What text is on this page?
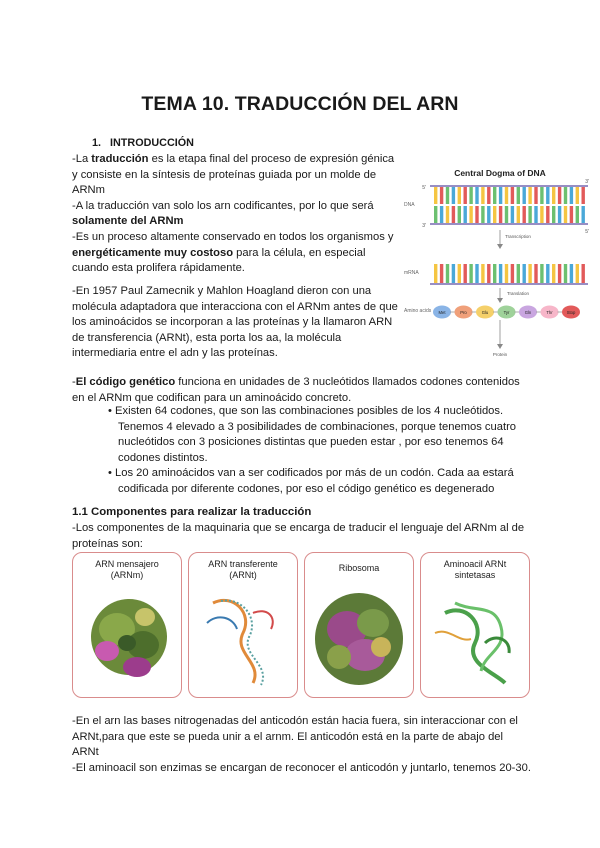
TEMA 10. TRADUCCIÓN DEL ARN
1. INTRODUCCIÓN
-La traducción es la etapa final del proceso de expresión génica
y consiste en la síntesis de proteínas guiada por un molde de
ARNm
-A la traducción van solo los arn codificantes, por lo que será
solamente del ARNm
-Es un proceso altamente conservado en todos los organismos y
energéticamente muy costoso para la célula, en especial
cuando esta prolifera rápidamente.
-En 1957 Paul Zamecnik y Mahlon Hoagland dieron con una
molécula adaptadora que interacciona con el ARNm antes de que
los aminoácidos se incorporan a las proteínas y la llamaron ARN
de transferencia (ARNt), esta porta los aa, la molécula
intermediaria entre el adn y las proteínas.
Central Dogma of DNA
DNA
mRNA
Amino acids
5'
3'
3'
5'
Transcription
Translation
Met	Pro	Glu	Tyr	Gln	Thr	Stop
Protein
-El código genético funciona en unidades de 3 nucleótidos llamados codones contenidos
en el ARNm que codifican para un aminoácido concreto.
• Existen 64 codones, que son las combinaciones posibles de los 4 nucleótidos.
Tenemos 4 elevado a 3 posibilidades de combinaciones, porque tenemos cuatro
nucleótidos con 3 posiciones distintas que pueden estar , por eso tenemos 64
codones distintos.
• Los 20 aminoácidos van a ser codificados por más de un codón. Cada aa estará
codificada por diferente codones, por eso el código genético es degenerado
1.1 Componentes para realizar la traducción
-Los componentes de la maquinaria que se encarga de traducir el lenguaje del ARNm al de
proteínas son:
ARN mensajero
(ARNm)
ARN transferente
(ARNt)
Ribosoma	Aminoacil ARNt
sintetasas
-En el arn las bases nitrogenadas del anticodón están hacia fuera, sin interaccionar con el
ARNt,para que este se pueda unir a el arnm. El anticodón está en la parte de abajo del
ARNt
-El aminoacil son enzimas se encargan de reconocer el anticodón y juntarlo, tenemos 20-30.
